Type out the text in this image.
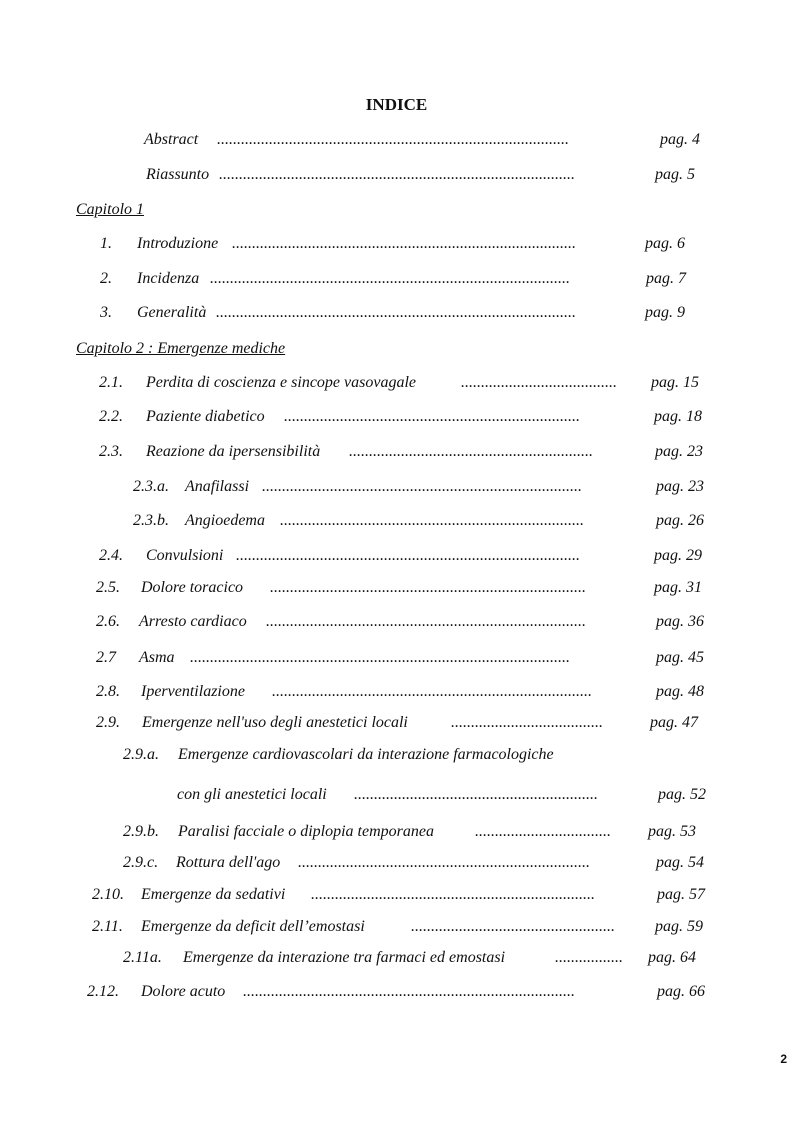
INDICE
Capitolo 1
Capitolo 2 : Emergenze mediche
Abstract ........................................................................................	pag. 4
Riassunto .........................................................................................	pag. 5
1. Introduzione ......................................................................................	pag. 6
2. Incidenza ..........................................................................................	pag. 7
3. Generalità ..........................................................................................	pag. 9
2.1. Perdita di coscienza e sincope vasovagale	.......................................	pag. 15
2.2. Paziente diabetico ..........................................................................	pag. 18
2.3. Reazione da ipersensibilità .............................................................	pag. 23
2.3.a. Anafilassi ................................................................................	pag. 23
2.3.b. Angioedema ............................................................................	pag. 26
2.4. Convulsioni ......................................................................................	pag. 29
2.5. Dolore toracico ...............................................................................	pag. 31
2.6. Arresto cardiaco ................................................................................	pag. 36
2.7 Asma ...............................................................................................	pag. 45
2.8. Iperventilazione ................................................................................	pag. 48
2.9. Emergenze nell'uso degli anestetici locali	......................................	pag. 47
2.9.a. Emergenze cardiovascolari da interazione farmacologiche
con gli anestetici locali .............................................................	pag. 52
2.9.b. Paralisi facciale o diplopia temporanea	..................................	pag. 53
2.9.c. Rottura dell'ago .........................................................................	pag. 54
2.10. Emergenze da sedativi .......................................................................	pag. 57
2.11. Emergenze da deficit dell’emostasi	...................................................	pag. 59
2.11a. Emergenze da interazione tra farmaci ed emostasi	.................	pag. 64
2.12. Dolore acuto ...................................................................................	pag. 66
2
